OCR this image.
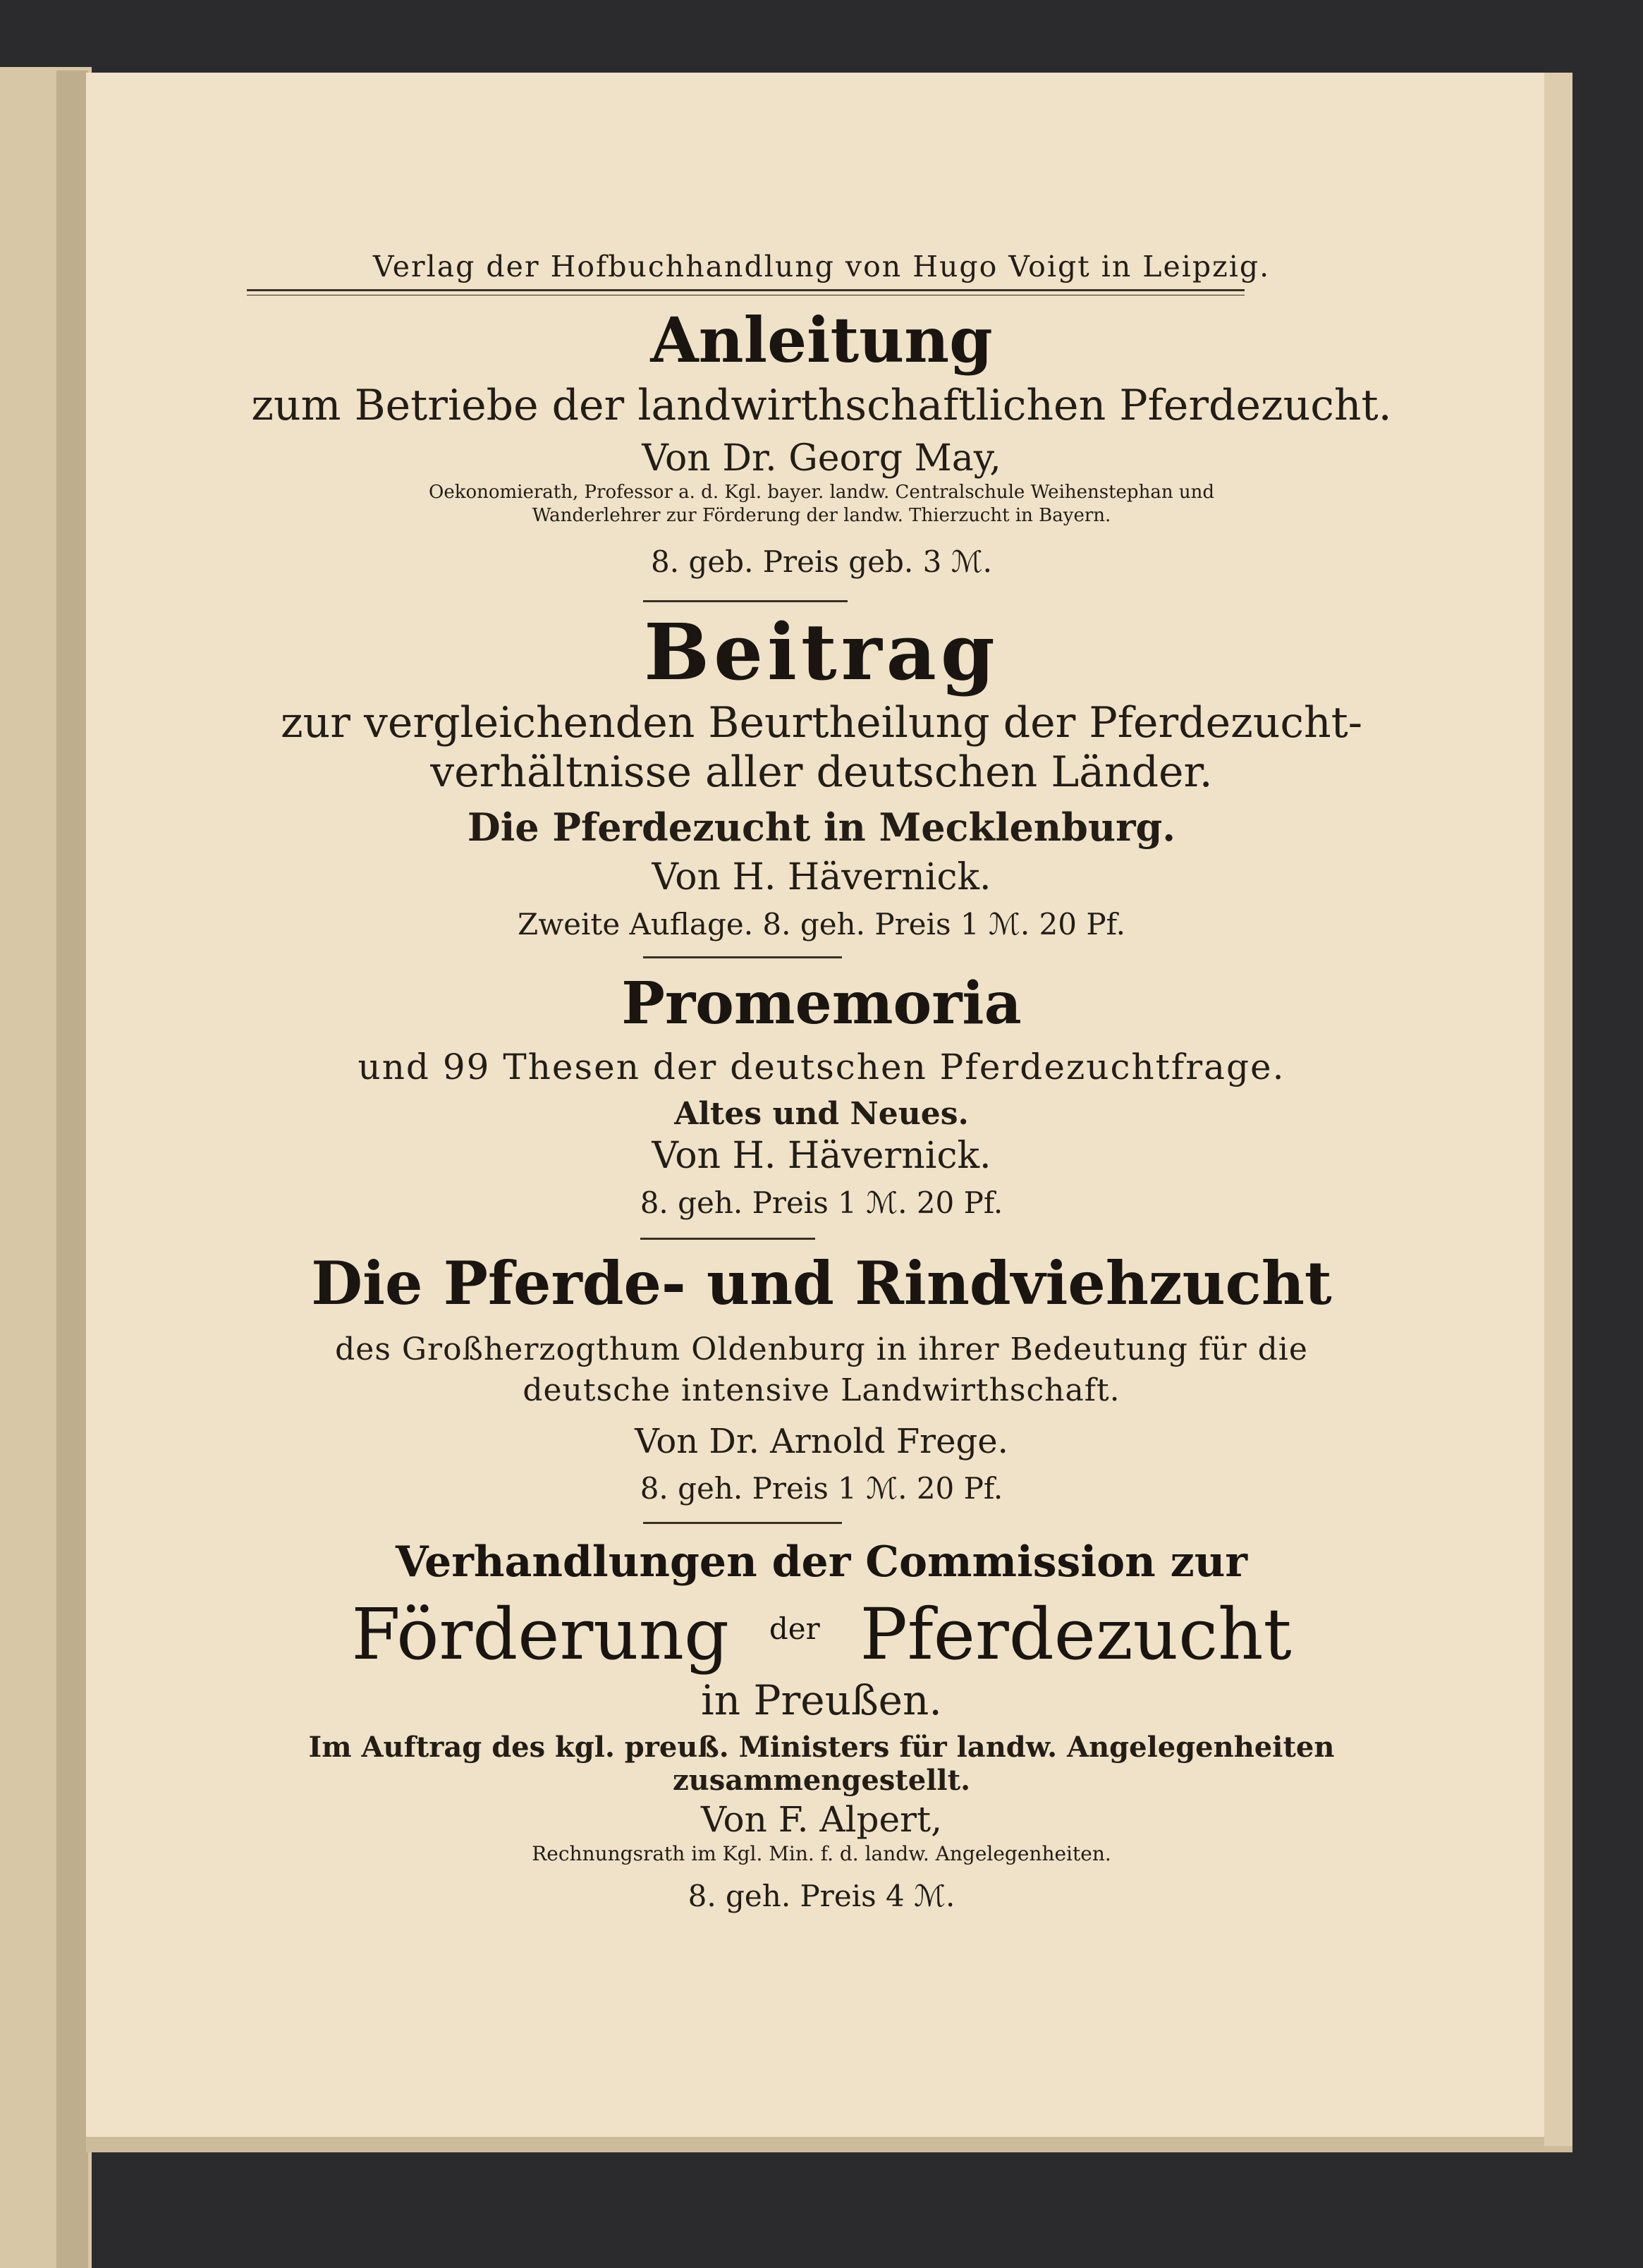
Verlag der Hofbuchhandlung von Hugo Voigt in Leipzig.
Anleitung
zum Betriebe der landwirthschaftlichen Pferdezucht.
Von Dr. Georg May,
Oekonomierath, Professor a. d. Kgl. bayer. landw. Centralschule Weihenstephan und
Wanderlehrer zur Förderung der landw. Thierzucht in Bayern.
8. geb. Preis geb. 3 ℳ.
Beitrag
zur vergleichenden Beurtheilung der Pferdezucht-
verhältnisse aller deutschen Länder.
Die Pferdezucht in Mecklenburg.
Von H. Hävernick.
Zweite Auflage. 8. geh. Preis 1 ℳ. 20 Pf.
Promemoria
und 99 Thesen der deutschen Pferdezuchtfrage.
Altes und Neues.
Von H. Hävernick.
8. geh. Preis 1 ℳ. 20 Pf.
Die Pferde- und Rindviehzucht
des Großherzogthum Oldenburg in ihrer Bedeutung für die
deutsche intensive Landwirthschaft.
Von Dr. Arnold Frege.
8. geh. Preis 1 ℳ. 20 Pf.
Verhandlungen der Commission zur
Förderung $^{der}$ Pferdezucht
in Preußen.
Im Auftrag des kgl. preuß. Ministers für landw. Angelegenheiten
zusammengestellt.
Von F. Alpert,
Rechnungsrath im Kgl. Min. f. d. landw. Angelegenheiten.
8. geh. Preis 4 ℳ.
